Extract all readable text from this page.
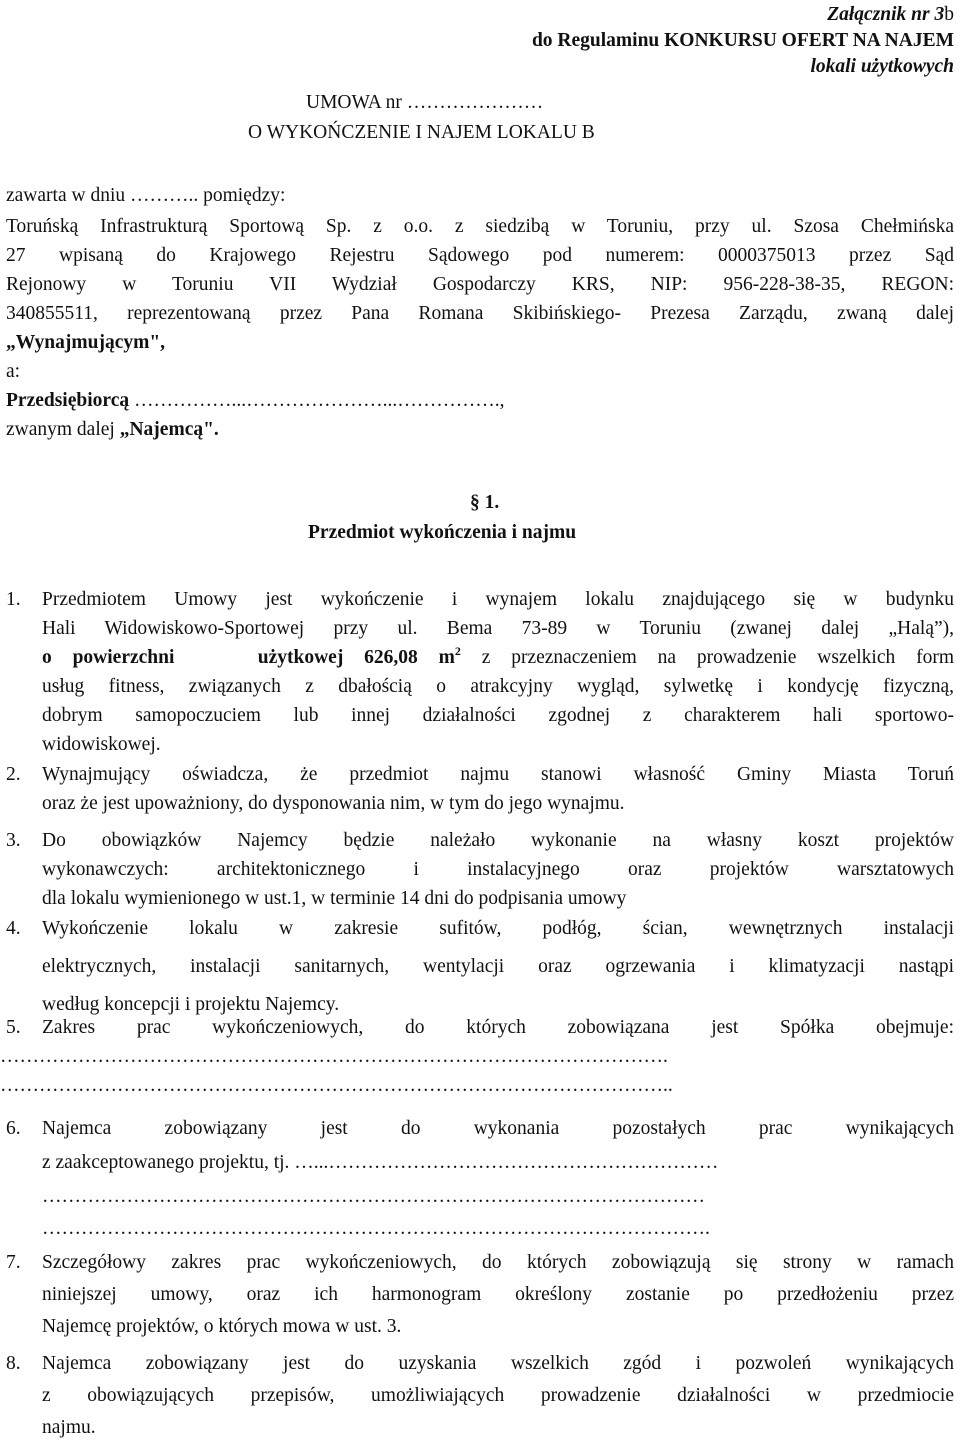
Załącznik nr 3b
do Regulaminu KONKURSU OFERT NA NAJEM
lokali użytkowych
UMOWA nr …………………
O WYKOŃCZENIE I NAJEM LOKALU B
zawarta w dniu ……….. pomiędzy:
Toruńską Infrastrukturą Sportową Sp. z o.o. z siedzibą w Toruniu, przy ul. Szosa Chełmińska
27 wpisaną do Krajowego Rejestru Sądowego pod numerem: 0000375013 przez Sąd
Rejonowy w Toruniu VII Wydział Gospodarczy KRS, NIP: 956-228-38-35, REGON:
340855511, reprezentowaną przez Pana Romana Skibińskiego- Prezesa Zarządu, zwaną dalej
„Wynajmującym",
a:
Przedsiębiorcą ……………...…………………...…………….,
zwanym dalej „Najemcą".
§ 1.
Przedmiot wykończenia i najmu
1. Przedmiotem Umowy jest wykończenie i wynajem lokalu znajdującego się w budynku
Hali Widowiskowo-Sportowej przy ul. Bema 73-89 w Toruniu (zwanej dalej „Halą”),
o powierzchni	użytkowej 626,08 $m^2$ z przeznaczeniem na prowadzenie wszelkich form
usług fitness, związanych z dbałością o atrakcyjny wygląd, sylwetkę i kondycję fizyczną,
dobrym samopoczuciem lub innej działalności zgodnej z charakterem hali sportowo-
widowiskowej.
2. Wynajmujący oświadcza, że przedmiot najmu stanowi własność Gminy Miasta Toruń
oraz że jest upoważniony, do dysponowania nim, w tym do jego wynajmu.
3. Do obowiązków Najemcy będzie należało wykonanie na własny koszt projektów
wykonawczych: architektonicznego i instalacyjnego oraz projektów warsztatowych
dla lokalu wymienionego w ust.1, w terminie 14 dni do podpisania umowy
4. Wykończenie lokalu w zakresie sufitów, podłóg, ścian, wewnętrznych instalacji
elektrycznych, instalacji sanitarnych, wentylacji oraz ogrzewania i klimatyzacji nastąpi
według koncepcji i projektu Najemcy.
5. Zakres prac wykończeniowych, do których zobowiązana jest Spółka obejmuje:
………………………………………………………………………………………….
…………………………………………………………………………………………..
6. Najemca zobowiązany jest do wykonania pozostałych prac wynikających
z zaakceptowanego projektu, tj. …...……………………………………………………
…………………………………………………………………………………………
………………………………………………………………………………………….
7. Szczegółowy zakres prac wykończeniowych, do których zobowiązują się strony w ramach
niniejszej umowy, oraz ich harmonogram określony zostanie po przedłożeniu przez
Najemcę projektów, o których mowa w ust. 3.
8. Najemca zobowiązany jest do uzyskania wszelkich zgód i pozwoleń wynikających
z obowiązujących przepisów, umożliwiających prowadzenie działalności w przedmiocie
najmu.
